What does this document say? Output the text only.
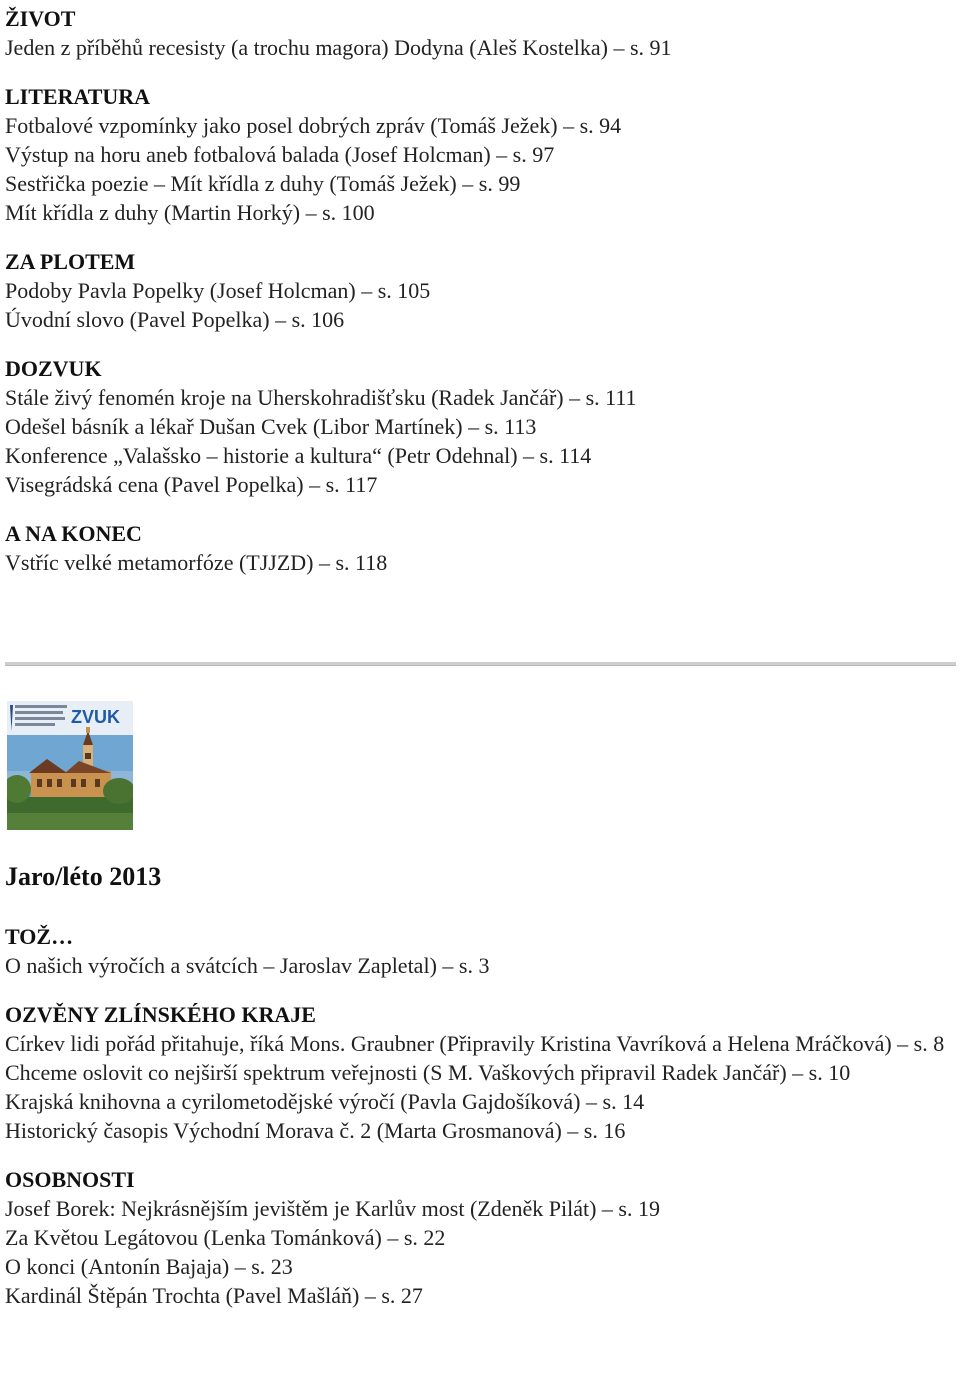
ŽIVOT

Jeden z příběhů recesisty (a trochu magora) Dodyna (Aleš Kostelka) – s. 91

LITERATURA

Fotbalové vzpomínky jako posel dobrých zpráv (Tomáš Ježek) – s. 94

Výstup na horu aneb fotbalová balada (Josef Holcman) – s. 97

Sestřička poezie – Mít křídla z duhy (Tomáš Ježek) – s. 99

Mít křídla z duhy (Martin Horký) – s. 100

ZA PLOTEM

Podoby Pavla Popelky (Josef Holcman) – s. 105

Úvodní slovo (Pavel Popelka) – s. 106

DOZVUK

Stále živý fenomén kroje na Uherskohradišťsku (Radek Jančář) – s. 111

Odešel básník a lékař Dušan Cvek (Libor Martínek) – s. 113

Konference „Valašsko – historie a kultura“ (Petr Odehnal) – s. 114

Visegrádská cena (Pavel Popelka) – s. 117

A NA KONEC

Vstříc velké metamorfóze (TJJZD) – s. 118

ZVUK

Jaro/léto 2013

TOŽ…

O našich výročích a svátcích – Jaroslav Zapletal) – s. 3

OZVĚNY ZLÍNSKÉHO KRAJE

Církev lidi pořád přitahuje, říká Mons. Graubner (Připravily Kristina Vavríková a Helena Mráčková) – s. 8

Chceme oslovit co nejširší spektrum veřejnosti (S M. Vaškových připravil Radek Jančář) – s. 10

Krajská knihovna a cyrilometodějské výročí (Pavla Gajdošíková) – s. 14

Historický časopis Východní Morava č. 2 (Marta Grosmanová) – s. 16

OSOBNOSTI

Josef Borek: Nejkrásnějším jevištěm je Karlův most (Zdeněk Pilát) – s. 19

Za Květou Legátovou (Lenka Tománková) – s. 22

O konci (Antonín Bajaja) – s. 23

Kardinál Štěpán Trochta (Pavel Mašláň) – s. 27
